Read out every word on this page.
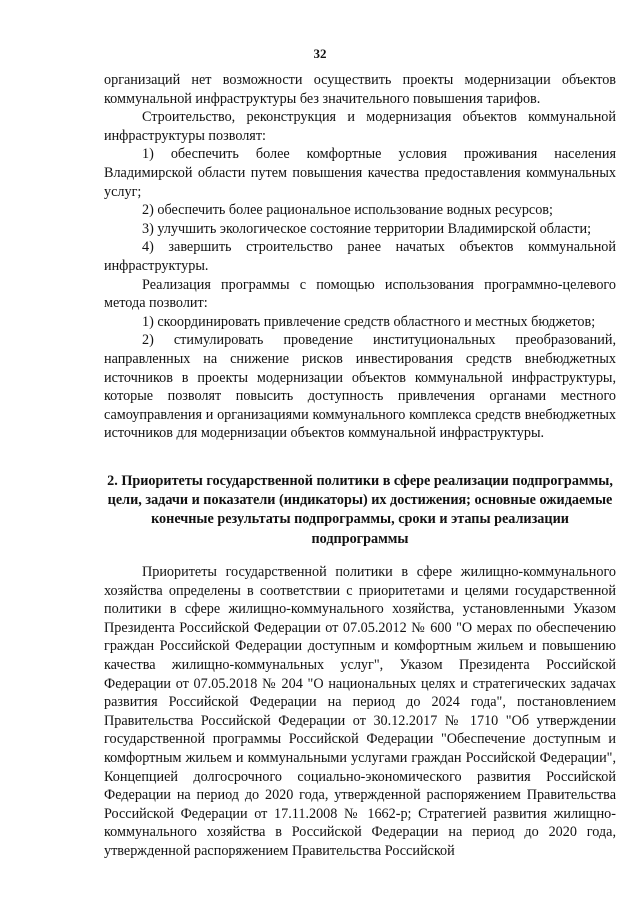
32

организаций нет возможности осуществить проекты модернизации объектов коммунальной инфраструктуры без значительного повышения тарифов.

Строительство, реконструкция и модернизация объектов коммунальной инфраструктуры позволят:

1) обеспечить более комфортные условия проживания населения Владимирской области путем повышения качества предоставления коммунальных услуг;

2) обеспечить более рациональное использование водных ресурсов;

3) улучшить экологическое состояние территории Владимирской области;

4) завершить строительство ранее начатых объектов коммунальной инфраструктуры.

Реализация программы с помощью использования программно-целевого метода позволит:

1) скоординировать привлечение средств областного и местных бюджетов;

2) стимулировать проведение институциональных преобразований, направленных на снижение рисков инвестирования средств внебюджетных источников в проекты модернизации объектов коммунальной инфраструктуры, которые позволят повысить доступность привлечения органами местного самоуправления и организациями коммунального комплекса средств внебюджетных источников для модернизации объектов коммунальной инфраструктуры.

2. Приоритеты государственной политики в сфере реализации подпрограммы, цели, задачи и показатели (индикаторы) их достижения; основные ожидаемые конечные результаты подпрограммы, сроки и этапы реализации подпрограммы

Приоритеты государственной политики в сфере жилищно-коммунального хозяйства определены в соответствии с приоритетами и целями государственной политики в сфере жилищно-коммунального хозяйства, установленными Указом Президента Российской Федерации от 07.05.2012 № 600 "О мерах по обеспечению граждан Российской Федерации доступным и комфортным жильем и повышению качества жилищно-коммунальных услуг", Указом Президента Российской Федерации от 07.05.2018 № 204 "О национальных целях и стратегических задачах развития Российской Федерации на период до 2024 года", постановлением Правительства Российской Федерации от 30.12.2017 № 1710 "Об утверждении государственной программы Российской Федерации "Обеспечение доступным и комфортным жильем и коммунальными услугами граждан Российской Федерации", Концепцией долгосрочного социально-экономического развития Российской Федерации на период до 2020 года, утвержденной распоряжением Правительства Российской Федерации от 17.11.2008 № 1662-р; Стратегией развития жилищно-коммунального хозяйства в Российской Федерации на период до 2020 года, утвержденной распоряжением Правительства Российской
